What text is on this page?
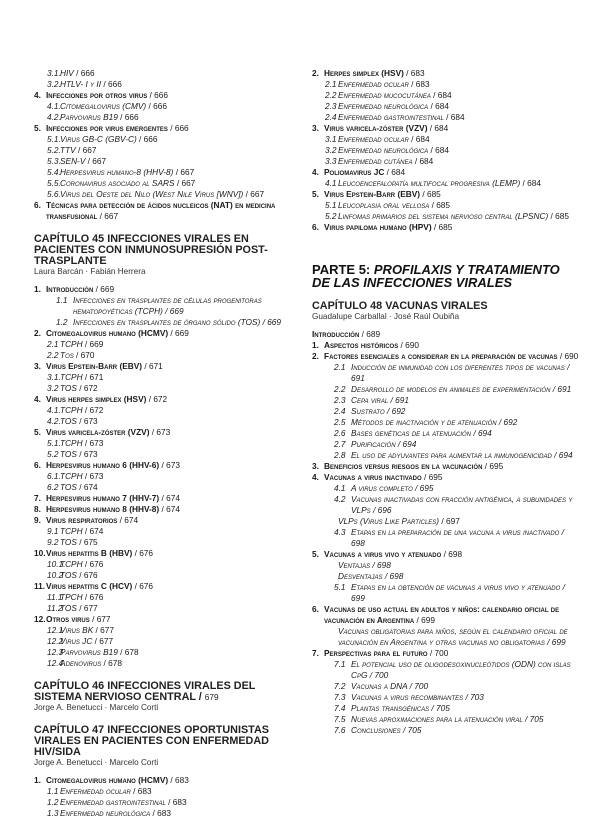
3.1. HIV / 666
3.2. HTLV- I y II / 666
4. Infecciones por otros virus / 666
4.1. Citomegalovirus (CMV) / 666
4.2. Parvovirus B19 / 666
5. Infecciones por virus emergentes / 666
5.1. Virus GB-C (GBV-C) / 666
5.2. TTV / 667
5.3. SEN-V / 667
5.4. Herpesvirus humano-8 (HHV-8) / 667
5.5. Coronavirus asociado al SARS / 667
5.6. Virus del Oeste del Nilo (West Nile Virus [WNV]) / 667
6. Técnicas para detección de ácidos nucleicos (NAT) en medicina transfusional / 667
CAPÍTULO 45 INFECCIONES VIRALES EN PACIENTES CON INMUNOSUPRESIÓN POST-TRASPLANTE
Laura Barcán · Fabián Herrera
1. Introducción / 669
1.1 Infecciones en trasplantes de células progenitoras hematopoyéticas (TCPH) / 669
1.2 Infecciones en trasplantes de órgano sólido (TOS) / 669
2. Citomegalovirus humano (HCMV) / 669
2.1 TCPH / 669
2.2 Tos / 670
3. Virus Epstein-Barr (EBV) / 671
3.1. TCPH / 671
3.2 TOS / 672
4. Virus herpes simplex (HSV) / 672
4.1. TCPH / 672
4.2. TOS / 673
5. Virus varicela-zóster (VZV) / 673
5.1. TCPH / 673
5.2 TOS / 673
6. Herpesvirus humano 6 (HHV-6) / 673
6.1. TCPH / 673
6.2 TOS / 674
7. Herpesvirus humano 7 (HHV-7) / 674
8. Herpesvirus humano 8 (HHV-8) / 674
9. Virus respiratorios / 674
9.1 TCPH / 674
9.2 TOS / 675
10. Virus hepatitis B (HBV) / 676
10.1.
TCPH / 676
10.2
TOS / 676
11. Virus hepatitis C (HCV) / 676
11.1
TPCH / 676
11.2
TOS / 677
12. Otros virus / 677
12.1
Virus BK / 677
12.2
Virus JC / 677
12.3
Parvovirus B19 / 678
12.4
Adenovirus / 678
CAPÍTULO 46 INFECCIONES VIRALES DEL SISTEMA NERVIOSO CENTRAL / 679
Jorge A. Benetucci · Marcelo Corti
CAPÍTULO 47 INFECCIONES OPORTUNISTAS VIRALES EN PACIENTES CON ENFERMEDAD HIV/SIDA
Jorge A. Benetucci · Marcelo Corti
1. Citomegalovirus humano (HCMV) / 683
1.1 Enfermedad ocular / 683
1.2 Enfermedad gastrointestinal / 683
1.3 Enfermedad neurológica / 683
2. Herpes simplex (HSV) / 683
2.1 Enfermedad ocular / 683
2.2 Enfermedad mucocutánea / 684
2.3 Enfermedad neurológica / 684
2.4 Enfermedad gastrointestinal / 684
3. Virus varicela-zóster (VZV) / 684
3.1 Enfermedad ocular / 684
3.2 Enfermedad neurológica / 684
3.3 Enfermedad cutánea / 684
4. Poliomavirus JC / 684
4.1 Leucoencefalopatía multifocal progresiva (LEMP) / 684
5. Virus Epstein-Barr (EBV) / 685
5.1 Leucoplasia oral vellosa / 685
5.2 Linfomas primarios del sistema nervioso central (LPSNC) / 685
6. Virus papiloma humano (HPV) / 685
PARTE 5: PROFILAXIS Y TRATAMIENTO DE LAS INFECCIONES VIRALES
CAPÍTULO 48 VACUNAS VIRALES
Guadalupe Carballal · José Raúl Oubiña
Introducción / 689
1. Aspectos históricos / 690
2. Factores esenciales a considerar en la preparación de vacunas / 690
2.1 Inducción de inmunidad con los diferentes tipos de vacunas / 691
2.2 Desarrollo de modelos en animales de experimentación / 691
2.3 Cepa viral / 691
2.4 Sustrato / 692
2.5 Métodos de inactivación y de atenuación / 692
2.6 Bases genéticas de la atenuación / 694
2.7 Purificación / 694
2.8 El uso de adyuvantes para aumentar la inmunogenicidad / 694
3. Beneficios versus riesgos en la vacunación / 695
4. Vacunas a virus inactivado / 695
4.1 A virus completo / 695
4.2 Vacunas inactivadas con fracción antigénica, a subunidades y VLPs / 696
VLPs (Virus Like Particles) / 697
4.3 Etapas en la preparación de una vacuna a virus inactivado / 698
5. Vacunas a virus vivo y atenuado / 698
Ventajas / 698
Desventajas / 698
5.1 Etapas en la obtención de vacunas a virus vivo y atenuado / 699
6. Vacunas de uso actual en adultos y niños: calendario oficial de vacunación en Argentina / 699
Vacunas obligatorias para niños, según el calendario oficial de vacunación en Argentina y otras vacunas no obligatorias / 699
7. Perspectivas para el futuro / 700
7.1 El potencial uso de oligodesoxinucleótidos (ODN) con islas CpG / 700
7.2 Vacunas a DNA / 700
7.3 Vacunas a virus recombinantes / 703
7.4 Plantas transgénicas / 705
7.5 Nuevas aproximaciones para la atenuación viral / 705
7.6 Conclusiones / 705
